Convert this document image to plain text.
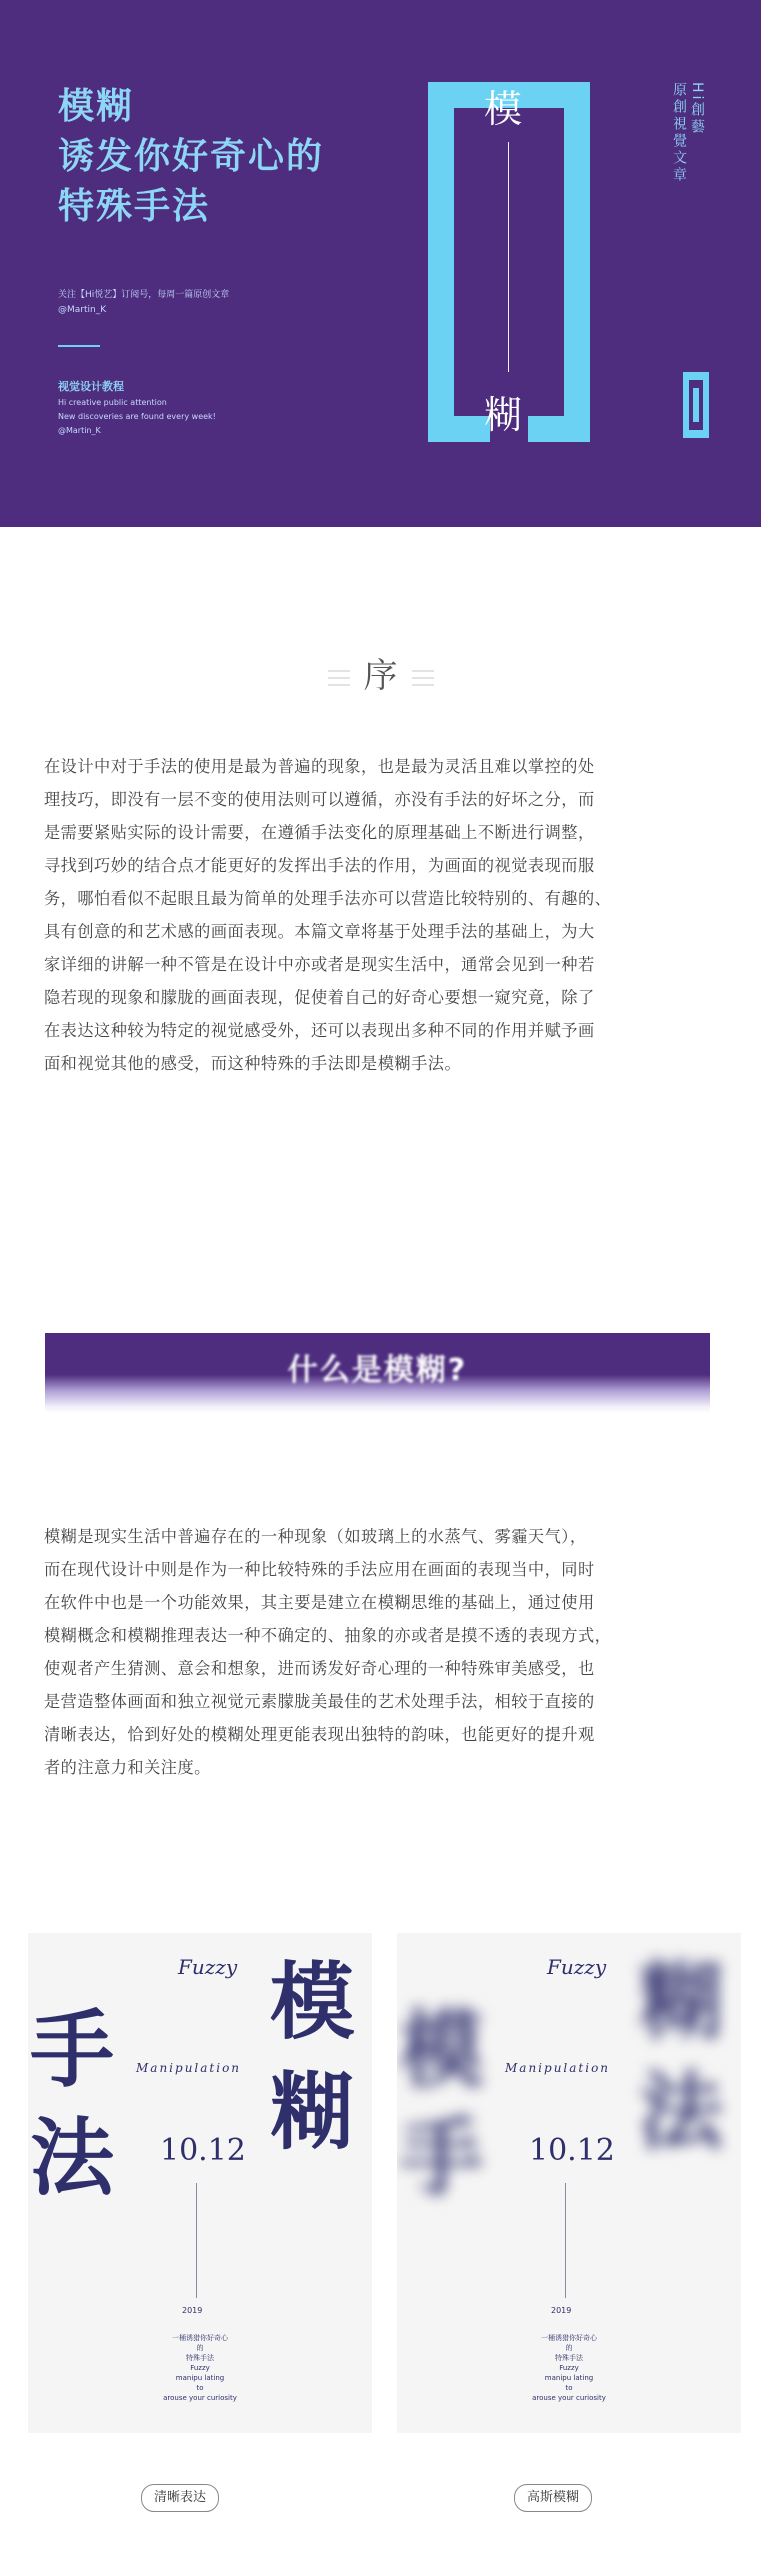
模糊
诱发你好奇心的
特殊手法
关注【Hi悦艺】订阅号，每周一篇原创文章
@Martin_K
视觉设计教程
Hi creative public attention
New discoveries are found every week!
@Martin_K
模
糊
Hi創藝
原創視覺文章
序

在设计中对于手法的使用是最为普遍的现象，也是最为灵活且难以掌控的处
理技巧，即没有一层不变的使用法则可以遵循，亦没有手法的好坏之分，而
是需要紧贴实际的设计需要，在遵循手法变化的原理基础上不断进行调整，
寻找到巧妙的结合点才能更好的发挥出手法的作用，为画面的视觉表现而服
务，哪怕看似不起眼且最为简单的处理手法亦可以营造比较特别的、有趣的、
具有创意的和艺术感的画面表现。本篇文章将基于处理手法的基础上，为大
家详细的讲解一种不管是在设计中亦或者是现实生活中，通常会见到一种若
隐若现的现象和朦胧的画面表现，促使着自己的好奇心要想一窥究竟，除了
在表达这种较为特定的视觉感受外，还可以表现出多种不同的作用并赋予画
面和视觉其他的感受，而这种特殊的手法即是模糊手法。

什么是模糊?

模糊是现实生活中普遍存在的一种现象（如玻璃上的水蒸气、雾霾天气），
而在现代设计中则是作为一种比较特殊的手法应用在画面的表现当中，同时
在软件中也是一个功能效果，其主要是建立在模糊思维的基础上，通过使用
模糊概念和模糊推理表达一种不确定的、抽象的亦或者是摸不透的表现方式，
使观者产生猜测、意会和想象，进而诱发好奇心理的一种特殊审美感受，也
是营造整体画面和独立视觉元素朦胧美最佳的艺术处理手法，相较于直接的
清晰表达，恰到好处的模糊处理更能表现出独特的韵味，也能更好的提升观
者的注意力和关注度。

手
法
模
糊
Fuzzy
Manipulation
10.12
2019
一桶诱猎你好奇心
的
特殊手法
Fuzzy
manipu lating
to
arouse your curiosity
模
手
糊
法
Fuzzy
Manipulation
10.12
2019
一桶诱猎你好奇心
的
特殊手法
Fuzzy
manipu lating
to
arouse your curiosity
清晰表达	高斯模糊
